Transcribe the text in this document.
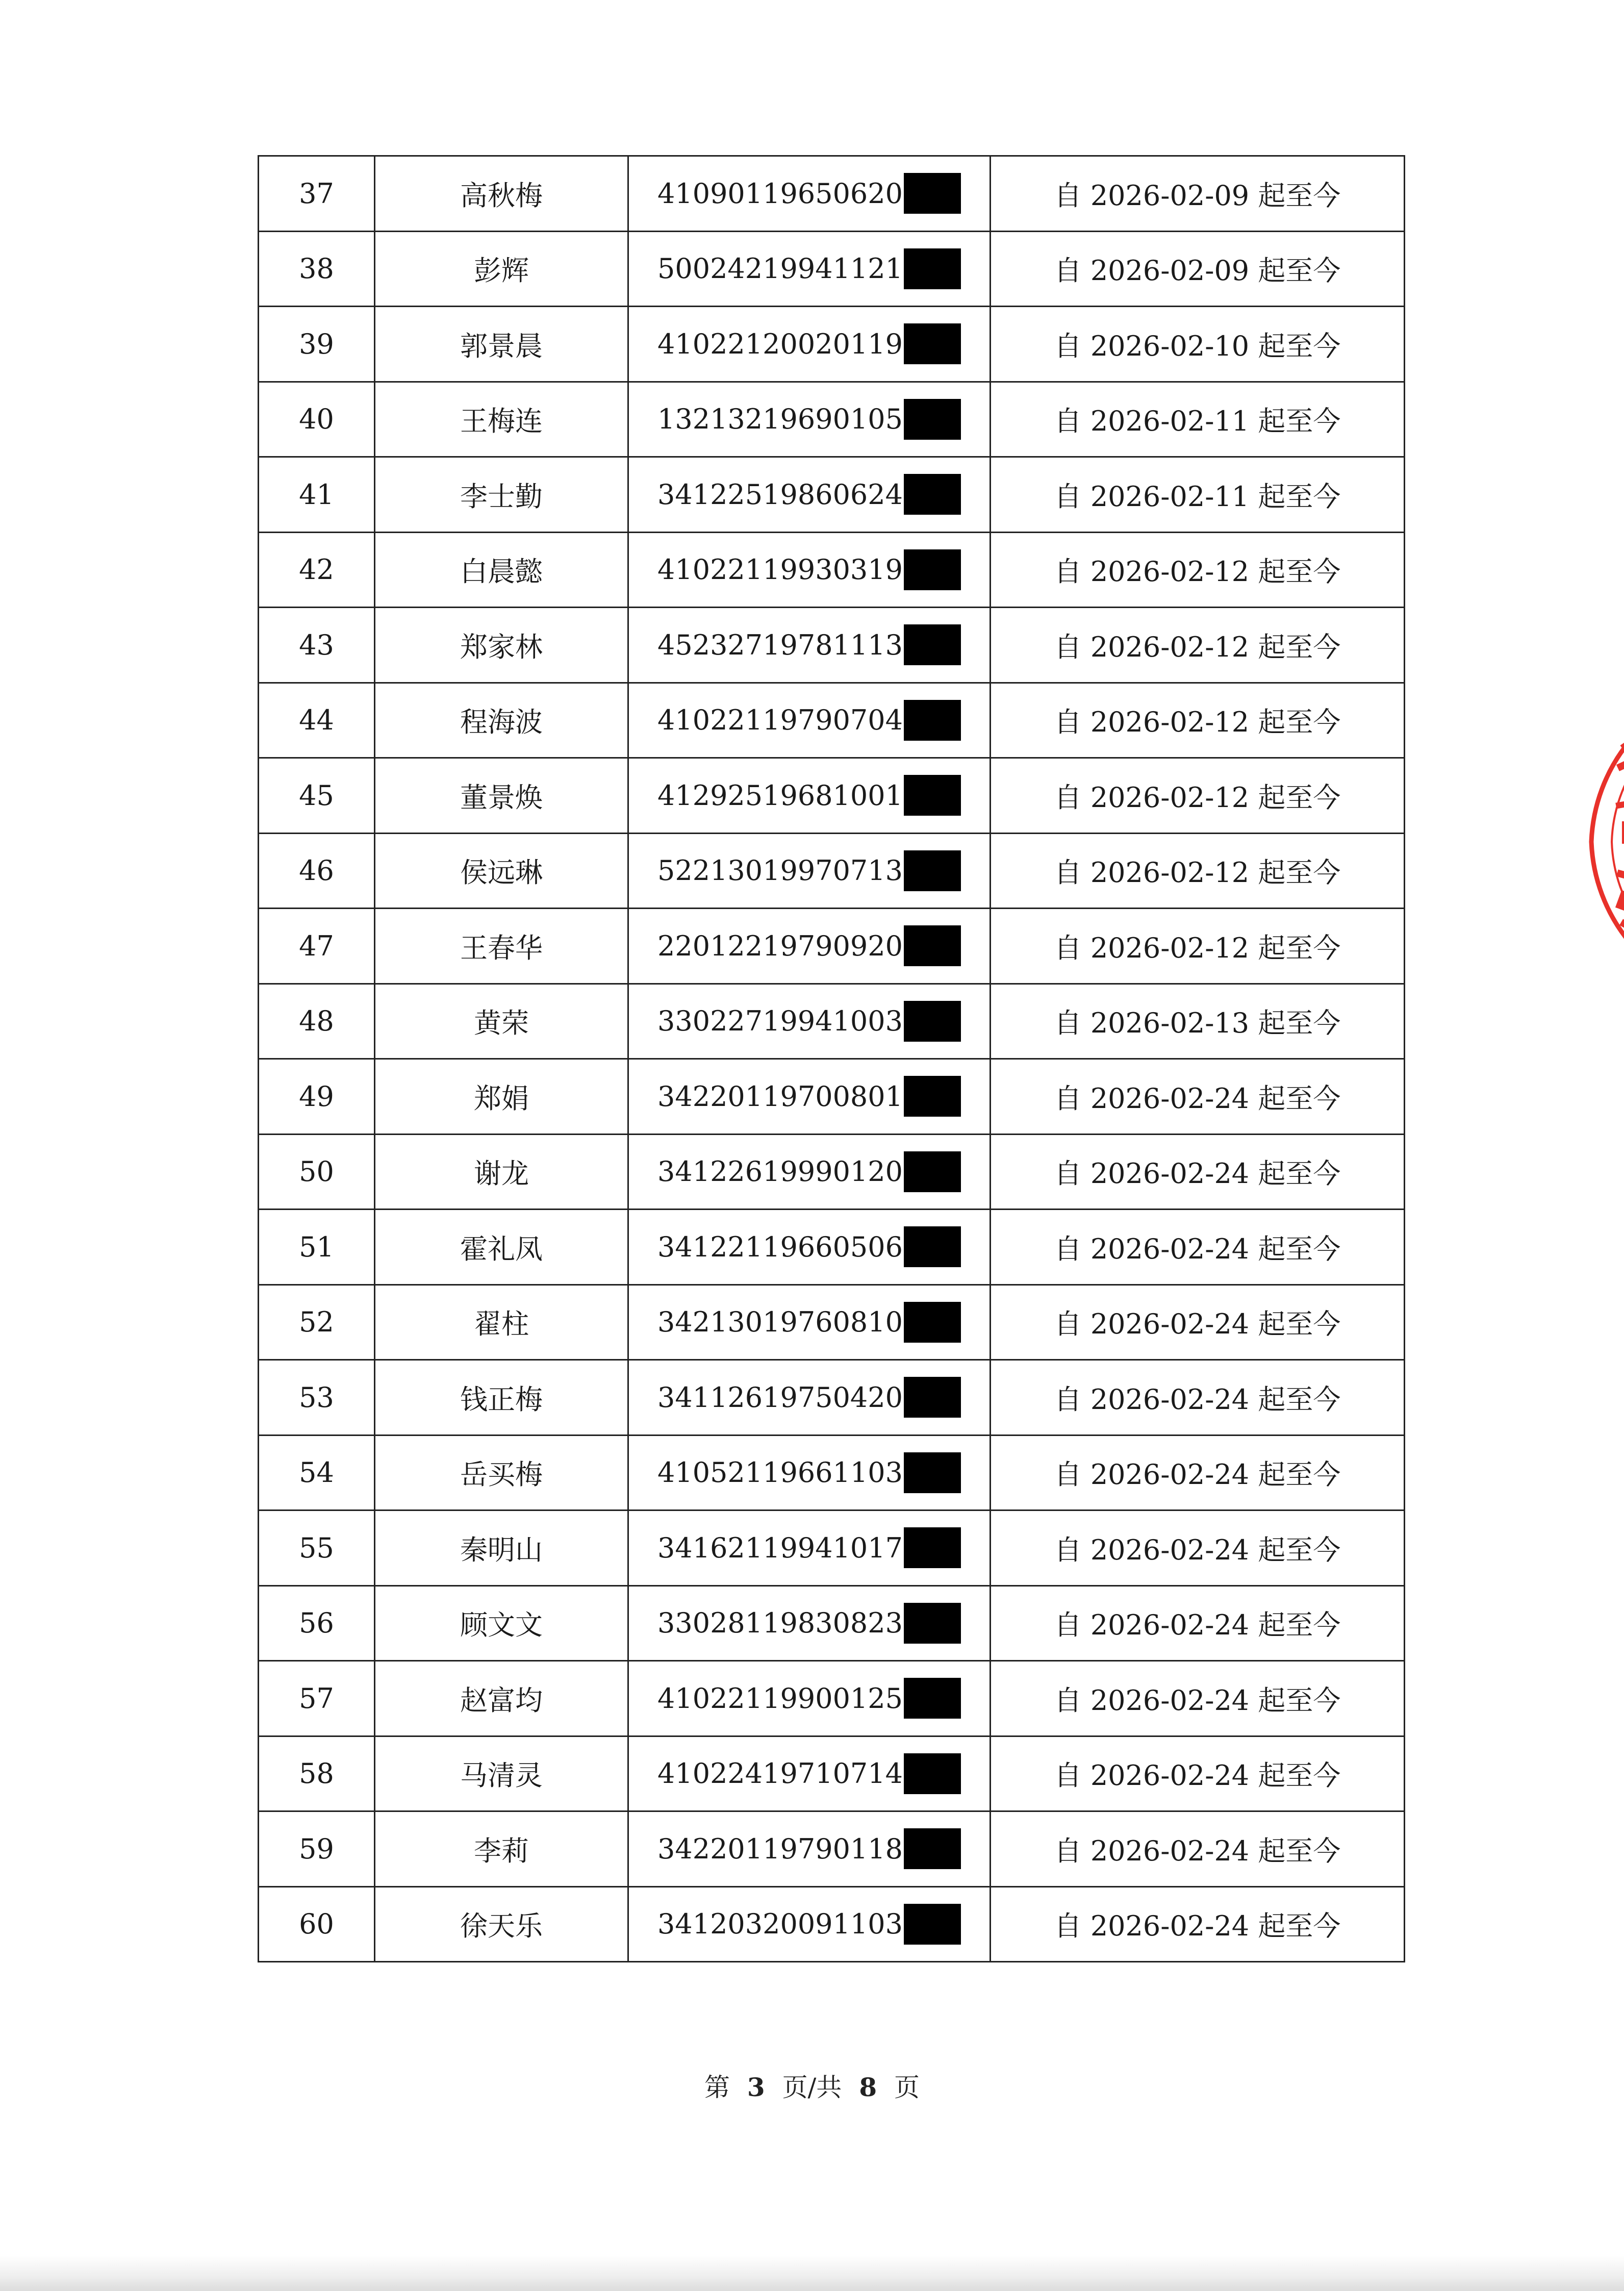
37	高秋梅	41090119650620	自 2026-02-09 起至今
38	彭辉	50024219941121	自 2026-02-09 起至今
39	郭景晨	41022120020119	自 2026-02-10 起至今
40	王梅连	13213219690105	自 2026-02-11 起至今
41	李士勤	34122519860624	自 2026-02-11 起至今
42	白晨懿	41022119930319	自 2026-02-12 起至今
43	郑家林	45232719781113	自 2026-02-12 起至今
44	程海波	41022119790704	自 2026-02-12 起至今
45	董景焕	41292519681001	自 2026-02-12 起至今
46	侯远琳	52213019970713	自 2026-02-12 起至今
47	王春华	22012219790920	自 2026-02-12 起至今
48	黄荣	33022719941003	自 2026-02-13 起至今
49	郑娟	34220119700801	自 2026-02-24 起至今
50	谢龙	34122619990120	自 2026-02-24 起至今
51	霍礼凤	34122119660506	自 2026-02-24 起至今
52	翟柱	34213019760810	自 2026-02-24 起至今
53	钱正梅	34112619750420	自 2026-02-24 起至今
54	岳买梅	41052119661103	自 2026-02-24 起至今
55	秦明山	34162119941017	自 2026-02-24 起至今
56	顾文文	33028119830823	自 2026-02-24 起至今
57	赵富均	41022119900125	自 2026-02-24 起至今
58	马清灵	41022419710714	自 2026-02-24 起至今
59	李莉	34220119790118	自 2026-02-24 起至今
60	徐天乐	34120320091103	自 2026-02-24 起至今
第 3 页/共 8 页
